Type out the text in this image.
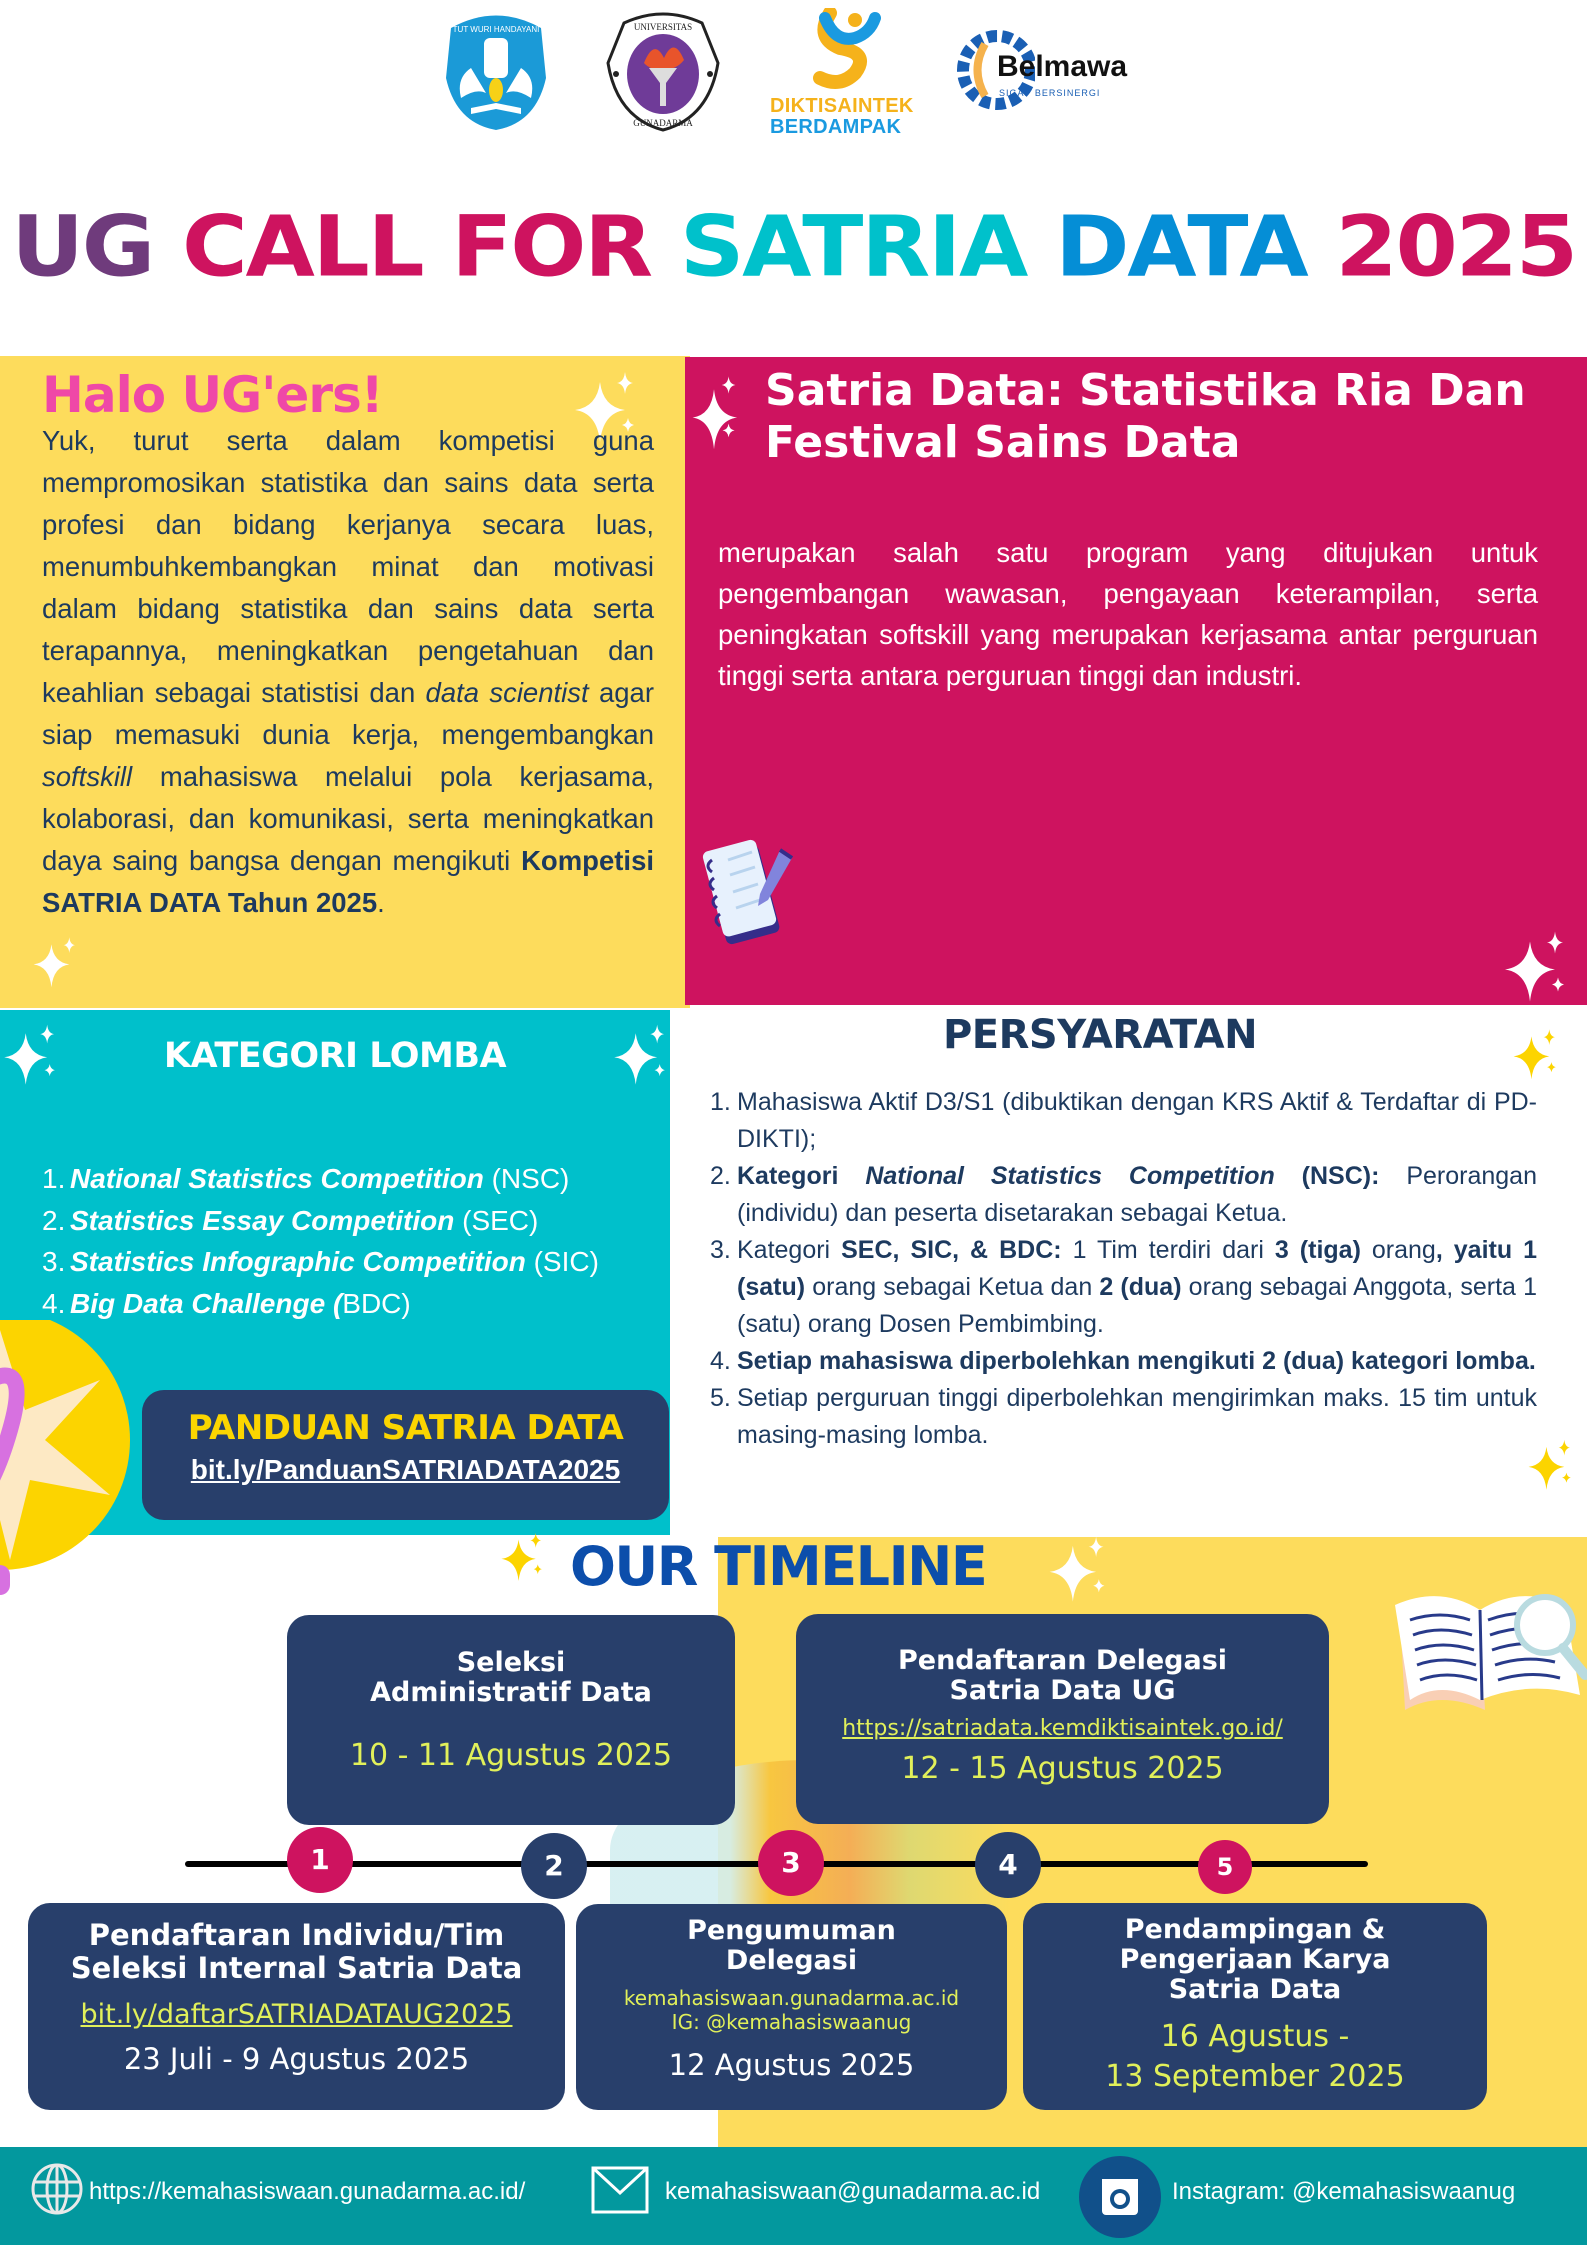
TUT WURI HANDAYANI	UNIVERSITAS
GUNADARMA
DIKTISAINTEK
BERDAMPAK
Belmawa
SIGAP BERSINERGI
UG CALL FOR SATRIA DATA 2025
Halo UG'ers!

Yuk, turut serta dalam kompetisi guna mempromosikan statistika dan sains data serta profesi dan bidang kerjanya secara luas, menumbuhkembangkan minat dan motivasi dalam bidang statistika dan sains data serta terapannya, meningkatkan pengetahuan dan keahlian sebagai statistisi dan data scientist agar siap memasuki dunia kerja, mengembangkan softskill mahasiswa melalui pola kerjasama, kolaborasi, dan komunikasi, serta meningkatkan daya saing bangsa dengan mengikuti Kompetisi SATRIA DATA Tahun 2025.

Satria Data: Statistika Ria Dan Festival Sains Data

merupakan salah satu program yang ditujukan untuk pengembangan wawasan, pengayaan keterampilan, serta peningkatan softskill yang merupakan kerjasama antar perguruan tinggi serta antara perguruan tinggi dan industri.

KATEGORI LOMBA
1. National Statistics Competition (NSC)
2. Statistics Essay Competition (SEC)
3. Statistics Infographic Competition (SIC)
4. Big Data Challenge (BDC)
PANDUAN SATRIA DATA
bit.ly/PanduanSATRIADATA2025
PERSYARATAN
1. Mahasiswa Aktif D3/S1 (dibuktikan dengan KRS Aktif & Terdaftar di PD-DIKTI);
2. Kategori National Statistics Competition (NSC): Perorangan (individu) dan peserta disetarakan sebagai Ketua.
3. Kategori SEC, SIC, & BDC: 1 Tim terdiri dari 3 (tiga) orang, yaitu 1 (satu) orang sebagai Ketua dan 2 (dua) orang sebagai Anggota, serta 1 (satu) orang Dosen Pembimbing.
4. Setiap mahasiswa diperbolehkan mengikuti 2 (dua) kategori lomba.
5. Setiap perguruan tinggi diperbolehkan mengirimkan maks. 15 tim untuk masing-masing lomba.
OUR TIMELINE
Seleksi
Administratif Data
10 - 11 Agustus 2025
Pendaftaran Delegasi
Satria Data UG
https://satriadata.kemdiktisaintek.go.id/
12 - 15 Agustus 2025
1	2	3	4	5
Pendaftaran Individu/Tim
Seleksi Internal Satria Data
bit.ly/daftarSATRIADATAUG2025
23 Juli - 9 Agustus 2025
Pengumuman
Delegasi
kemahasiswaan.gunadarma.ac.id
IG: @kemahasiswaanug
12 Agustus 2025
Pendampingan &
Pengerjaan Karya
Satria Data
16 Agustus -
13 September 2025
https://kemahasiswaan.gunadarma.ac.id/	kemahasiswaan@gunadarma.ac.id	Instagram: @kemahasiswaanug
